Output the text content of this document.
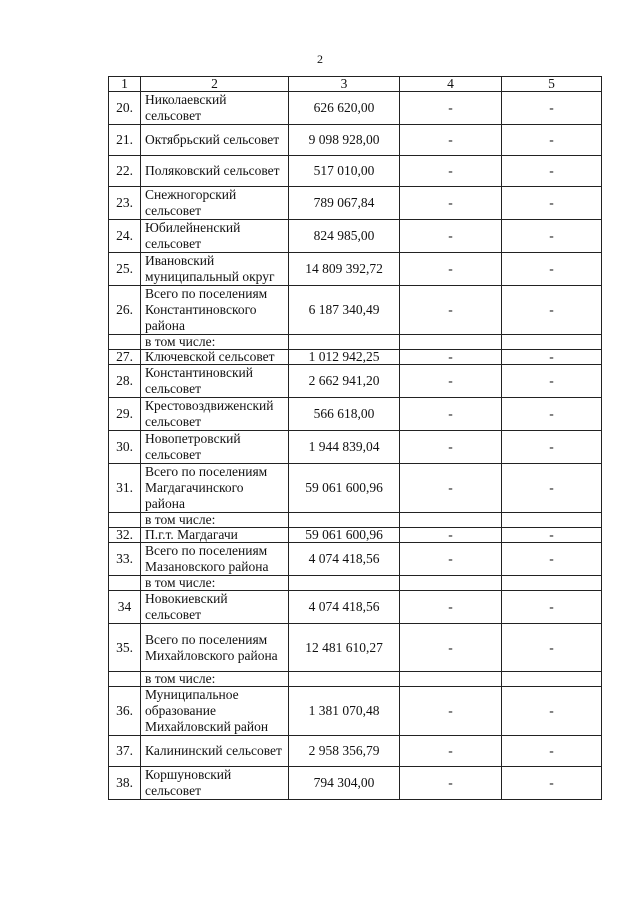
2
1	2	3	4	5
20.	Николаевский сельсовет	626 620,00	-	-
21.	Октябрьский сельсовет	9 098 928,00	-	-
22.	Поляковский сельсовет	517 010,00	-	-
23.	Снежногорский сельсовет	789 067,84	-	-
24.	Юбилейненский сельсовет	824 985,00	-	-
25.	Ивановский муниципальный округ	14 809 392,72	-	-
26.	Всего по поселениям Константиновского района	6 187 340,49	-	-
	в том числе:			
27.	Ключевской сельсовет	1 012 942,25	-	-
28.	Константиновский сельсовет	2 662 941,20	-	-
29.	Крестовоздвиженский сельсовет	566 618,00	-	-
30.	Новопетровский сельсовет	1 944 839,04	-	-
31.	Всего по поселениям Магдагачинского района	59 061 600,96	-	-
	в том числе:			
32.	П.г.т. Магдагачи	59 061 600,96	-	-
33.	Всего по поселениям Мазановского района	4 074 418,56	-	-
	в том числе:			
34	Новокиевский сельсовет	4 074 418,56	-	-
35.	Всего по поселениям Михайловского района	12 481 610,27	-	-
	в том числе:			
36.	Муниципальное образование Михайловский район	1 381 070,48	-	-
37.	Калининский сельсовет	2 958 356,79	-	-
38.	Коршуновский сельсовет	794 304,00	-	-
